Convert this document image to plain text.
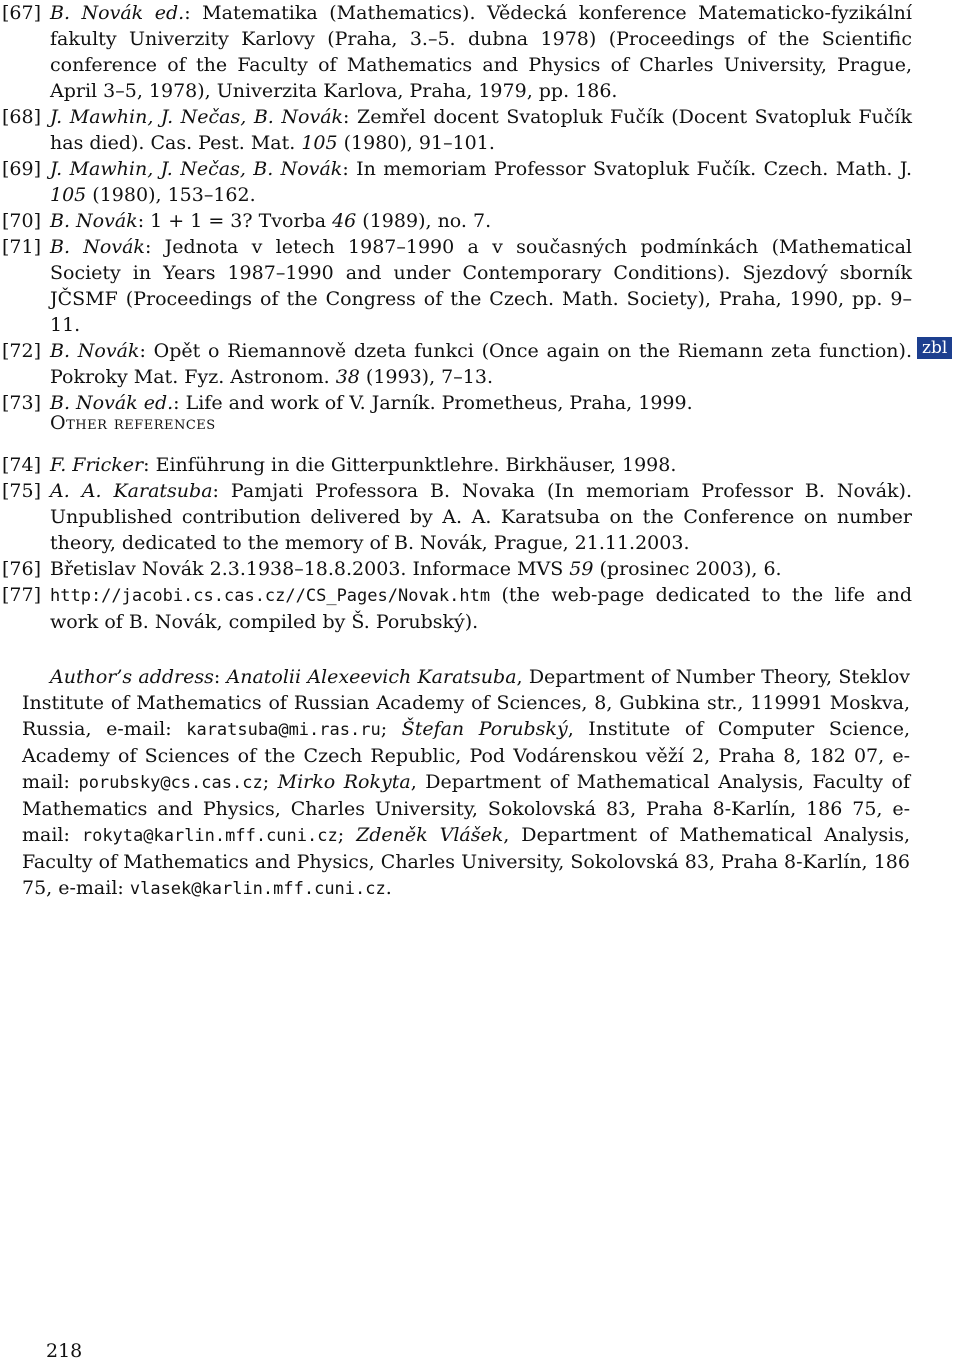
[67] B. Novák ed.: Matematika (Mathematics). Vědecká konference Matematicko-fyzikální fakulty Univerzity Karlovy (Praha, 3.–5. dubna 1978) (Proceedings of the Scientific conference of the Faculty of Mathematics and Physics of Charles University, Prague, April 3–5, 1978), Univerzita Karlova, Praha, 1979, pp. 186.

[68] J. Mawhin, J. Nečas, B. Novák: Zemřel docent Svatopluk Fučík (Docent Svatopluk Fučík has died). Cas. Pest. Mat. 105 (1980), 91–101.

[69] J. Mawhin, J. Nečas, B. Novák: In memoriam Professor Svatopluk Fučík. Czech. Math. J. 105 (1980), 153–162.

[70] B. Novák: 1 + 1 = 3? Tvorba 46 (1989), no. 7.

[71] B. Novák: Jednota v letech 1987–1990 a v současných podmínkách (Mathematical Society in Years 1987–1990 and under Contemporary Conditions). Sjezdový sborník JČSMF (Proceedings of the Congress of the Czech. Math. Society), Praha, 1990, pp. 9–11.

[72] B. Novák: Opět o Riemannově dzeta funkci (Once again on the Riemann zeta function). Pokroky Mat. Fyz. Astronom. 38 (1993), 7–13.

[73] B. Novák ed.: Life and work of V. Jarník. Prometheus, Praha, 1999.

Other references

[74] F. Fricker: Einführung in die Gitterpunktlehre. Birkhäuser, 1998.

[75] A. A. Karatsuba: Pamjati Professora B. Novaka (In memoriam Professor B. Novák). Unpublished contribution delivered by A. A. Karatsuba on the Conference on number theory, dedicated to the memory of B. Novák, Prague, 21.11.2003.

[76] Břetislav Novák 2.3.1938–18.8.2003. Informace MVS 59 (prosinec 2003), 6.

[77] http://jacobi.cs.cas.cz//CS_Pages/Novak.htm (the web-page dedicated to the life and work of B. Novák, compiled by Š. Porubský).

Author’s address: Anatolii Alexeevich Karatsuba, Department of Number Theory, Steklov Institute of Mathematics of Russian Academy of Sciences, 8, Gubkina str., 119991 Moskva, Russia, e-mail: karatsuba@mi.ras.ru; Štefan Porubský, Institute of Computer Science, Academy of Sciences of the Czech Republic, Pod Vodárenskou věží 2, Praha 8, 182 07, e-mail: porubsky@cs.cas.cz; Mirko Rokyta, Department of Mathematical Analysis, Faculty of Mathematics and Physics, Charles University, Sokolovská 83, Praha 8-Karlín, 186 75, e-mail: rokyta@karlin.mff.cuni.cz; Zdeněk Vlášek, Department of Mathematical Analysis, Faculty of Mathematics and Physics, Charles University, Sokolovská 83, Praha 8-Karlín, 186 75, e-mail: vlasek@karlin.mff.cuni.cz.

218
zbl
